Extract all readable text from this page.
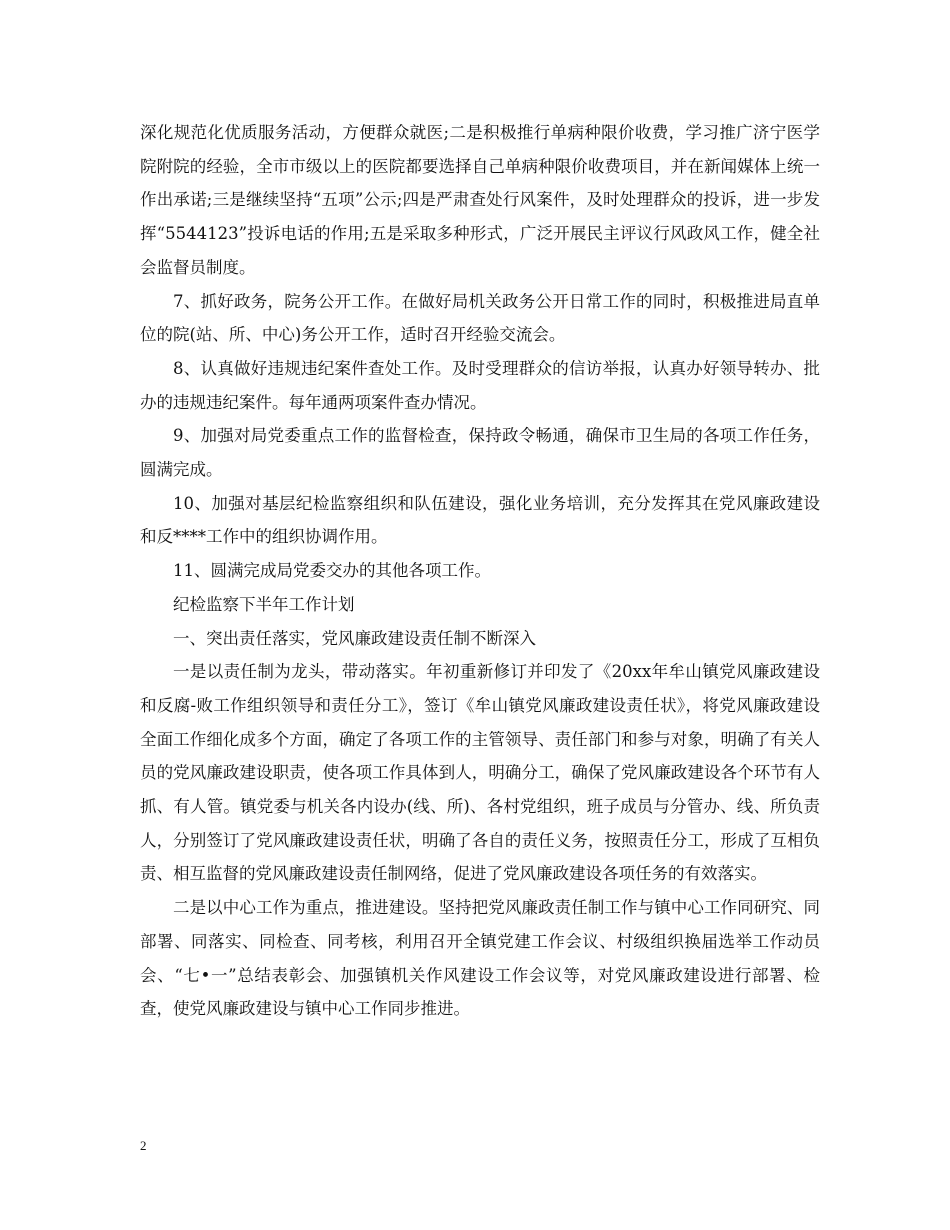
深化规范化优质服务活动，方便群众就医;二是积极推行单病种限价收费，学习推广济宁医学院附院的经验，全市市级以上的医院都要选择自己单病种限价收费项目，并在新闻媒体上统一作出承诺;三是继续坚持“五项”公示;四是严肃查处行风案件，及时处理群众的投诉，进一步发挥“5544123”投诉电话的作用;五是采取多种形式，广泛开展民主评议行风政风工作，健全社会监督员制度。

7、抓好政务，院务公开工作。在做好局机关政务公开日常工作的同时，积极推进局直单位的院(站、所、中心)务公开工作，适时召开经验交流会。

8、认真做好违规违纪案件查处工作。及时受理群众的信访举报，认真办好领导转办、批办的违规违纪案件。每年通两项案件查办情况。

9、加强对局党委重点工作的监督检查，保持政令畅通，确保市卫生局的各项工作任务，圆满完成。

10、加强对基层纪检监察组织和队伍建设，强化业务培训，充分发挥其在党风廉政建设和反****工作中的组织协调作用。

11、圆满完成局党委交办的其他各项工作。

纪检监察下半年工作计划

一、突出责任落实，党风廉政建设责任制不断深入

一是以责任制为龙头，带动落实。年初重新修订并印发了《20xx年牟山镇党风廉政建设和反腐-败工作组织领导和责任分工》，签订《牟山镇党风廉政建设责任状》，将党风廉政建设全面工作细化成多个方面，确定了各项工作的主管领导、责任部门和参与对象，明确了有关人员的党风廉政建设职责，使各项工作具体到人，明确分工，确保了党风廉政建设各个环节有人抓、有人管。镇党委与机关各内设办(线、所)、各村党组织，班子成员与分管办、线、所负责人，分别签订了党风廉政建设责任状，明确了各自的责任义务，按照责任分工，形成了互相负责、相互监督的党风廉政建设责任制网络，促进了党风廉政建设各项任务的有效落实。

二是以中心工作为重点，推进建设。坚持把党风廉政责任制工作与镇中心工作同研究、同部署、同落实、同检查、同考核，利用召开全镇党建工作会议、村级组织换届选举工作动员会、“七•一”总结表彰会、加强镇机关作风建设工作会议等，对党风廉政建设进行部署、检查，使党风廉政建设与镇中心工作同步推进。

2
